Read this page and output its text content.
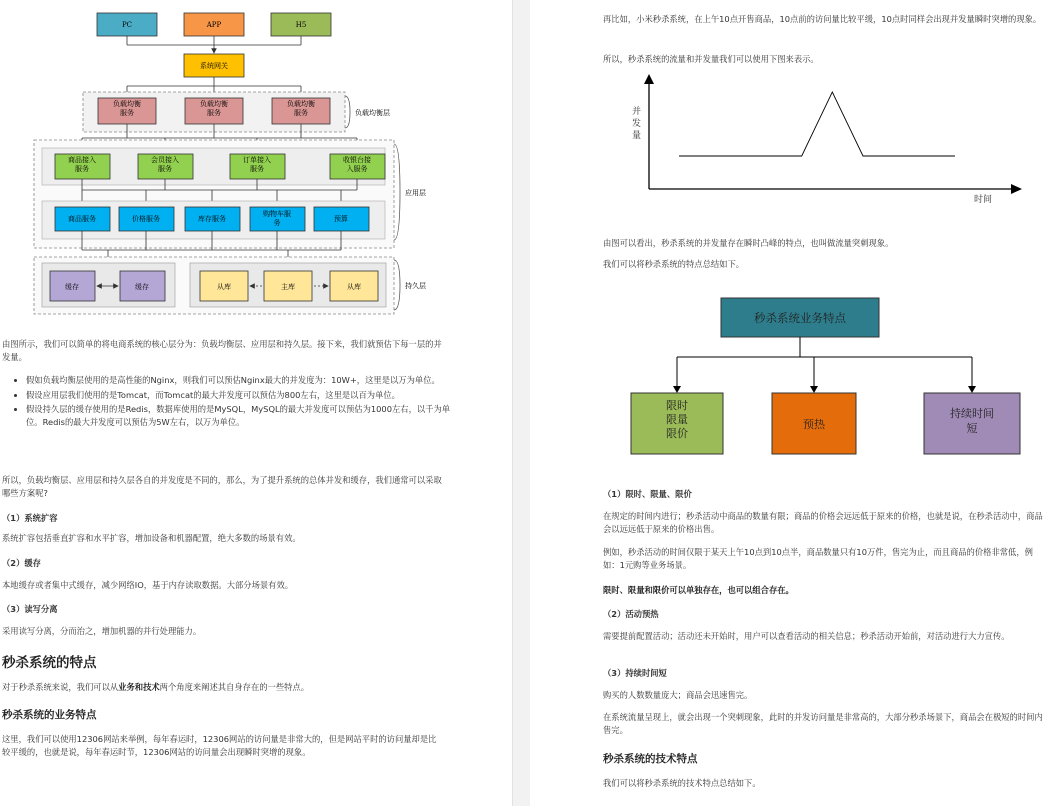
PC	APP	H5
系统网关
负载均衡服务
负载均衡服务
负载均衡服务	负载均衡层
商品接入服务
会员接入服务
订单接入服务
收银台接入服务
商品服务	价格服务	库存服务
购物车服务	预算
应用层
缓存	缓存	从库	主库	从库	持久层
由图所示，我们可以简单的将电商系统的核心层分为：负载均衡层、应用层和持久层。接下来，我们就预估下每一层的并发量。
• 假如负载均衡层使用的是高性能的Nginx，则我们可以预估Nginx最大的并发度为：10W+，这里是以万为单位。
• 假设应用层我们使用的是Tomcat，而Tomcat的最大并发度可以预估为800左右，这里是以百为单位。
• 假设持久层的缓存使用的是Redis，数据库使用的是MySQL，MySQL的最大并发度可以预估为1000左右，以千为单位。Redis的最大并发度可以预估为5W左右，以万为单位。
所以，负载均衡层、应用层和持久层各自的并发度是不同的，那么，为了提升系统的总体并发和缓存，我们通常可以采取哪些方案呢?
（1）系统扩容
系统扩容包括垂直扩容和水平扩容，增加设备和机器配置，绝大多数的场景有效。
（2）缓存
本地缓存或者集中式缓存，减少网络IO，基于内存读取数据。大部分场景有效。
（3）读写分离
采用读写分离，分而治之，增加机器的并行处理能力。
秒杀系统的特点
对于秒杀系统来说，我们可以从业务和技术两个角度来阐述其自身存在的一些特点。
秒杀系统的业务特点
这里，我们可以使用12306网站来举例，每年春运时，12306网站的访问量是非常大的，但是网站平时的访问量却是比较平缓的，也就是说，每年春运时节，12306网站的访问量会出现瞬时突增的现象。
再比如，小米秒杀系统，在上午10点开售商品，10点前的访问量比较平缓，10点时同样会出现并发量瞬时突增的现象。
所以，秒杀系统的流量和并发量我们可以使用下图来表示。
并发量
时间
由图可以看出，秒杀系统的并发量存在瞬时凸峰的特点，也叫做流量突刺现象。
我们可以将秒杀系统的特点总结如下。
秒杀系统业务特点
限时限量限价
预热
持续时间短
（1）限时、限量、限价
在规定的时间内进行；秒杀活动中商品的数量有限；商品的价格会远远低于原来的价格，也就是说，在秒杀活动中，商品会以远远低于原来的价格出售。
例如，秒杀活动的时间仅限于某天上午10点到10点半，商品数量只有10万件，售完为止，而且商品的价格非常低，例如：1元购等业务场景。
限时、限量和限价可以单独存在，也可以组合存在。
（2）活动预热
需要提前配置活动；活动还未开始时，用户可以查看活动的相关信息；秒杀活动开始前，对活动进行大力宣传。
（3）持续时间短
购买的人数数量庞大；商品会迅速售完。
在系统流量呈现上，就会出现一个突刺现象，此时的并发访问量是非常高的，大部分秒杀场景下，商品会在极短的时间内售完。
秒杀系统的技术特点
我们可以将秒杀系统的技术特点总结如下。
